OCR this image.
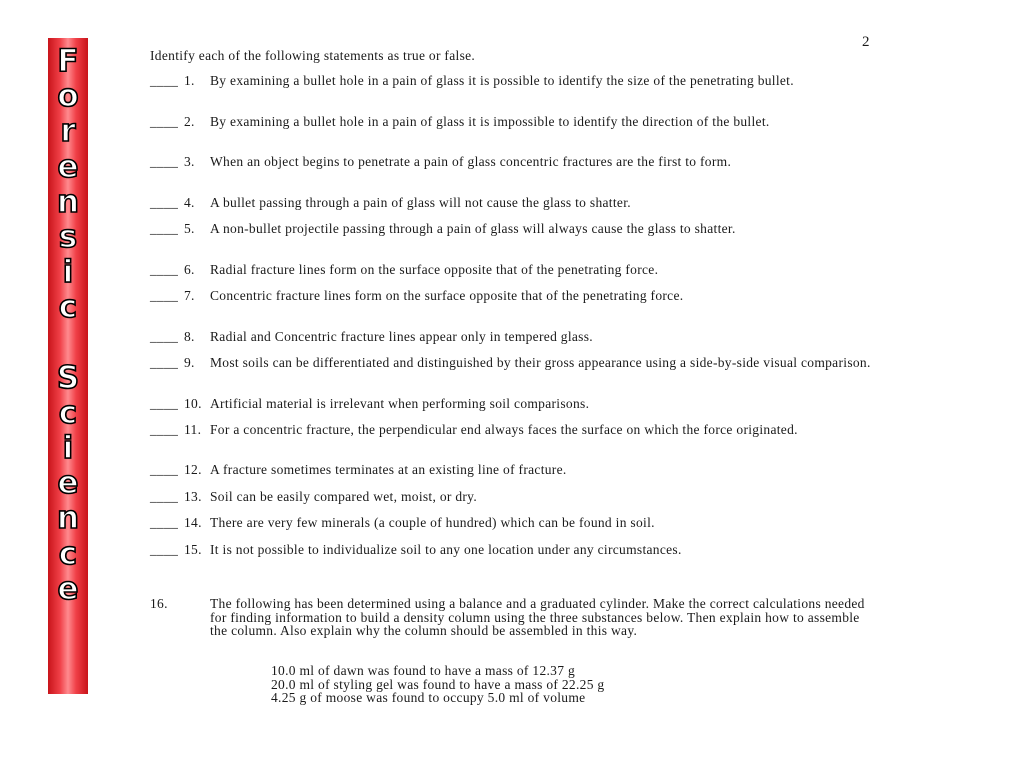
F
o
r
e
n
s
i
c
S
c
i
e
n
c
e
2
Identify each of the following statements as true or false.
____ 1.	By examining a bullet hole in a pain of glass it is possible to identify the size of the penetrating bullet.
____ 2.	By examining a bullet hole in a pain of glass it is impossible to identify the direction of the bullet.
____ 3.	When an object begins to penetrate a pain of glass concentric fractures are the first to form.
____ 4.	A bullet passing through a pain of glass will not cause the glass to shatter.
____ 5.	A non-bullet projectile passing through a pain of glass will always cause the glass to shatter.
____ 6.	Radial fracture lines form on the surface opposite that of the penetrating force.
____ 7.	Concentric fracture lines form on the surface opposite that of the penetrating force.
____ 8.	Radial and Concentric fracture lines appear only in tempered glass.
____ 9.	Most soils can be differentiated and distinguished by their gross appearance using a side-by-side visual comparison.
____ 10. Artificial material is irrelevant when performing soil comparisons.
____ 11. For a concentric fracture, the perpendicular end always faces the surface on which the force originated.
____ 12. A fracture sometimes terminates at an existing line of fracture.
____ 13. Soil can be easily compared wet, moist, or dry.
____ 14. There are very few minerals (a couple of hundred) which can be found in soil.
____ 15. It is not possible to individualize soil to any one location under any circumstances.
16.	The following has been determined using a balance and a graduated cylinder. Make the correct calculations needed for finding information to build a density column using the three substances below. Then explain how to assemble the column. Also explain why the column should be assembled in this way.
10.0 ml of dawn was found to have a mass of 12.37 g
20.0 ml of styling gel was found to have a mass of 22.25 g
4.25 g of moose was found to occupy 5.0 ml of volume
